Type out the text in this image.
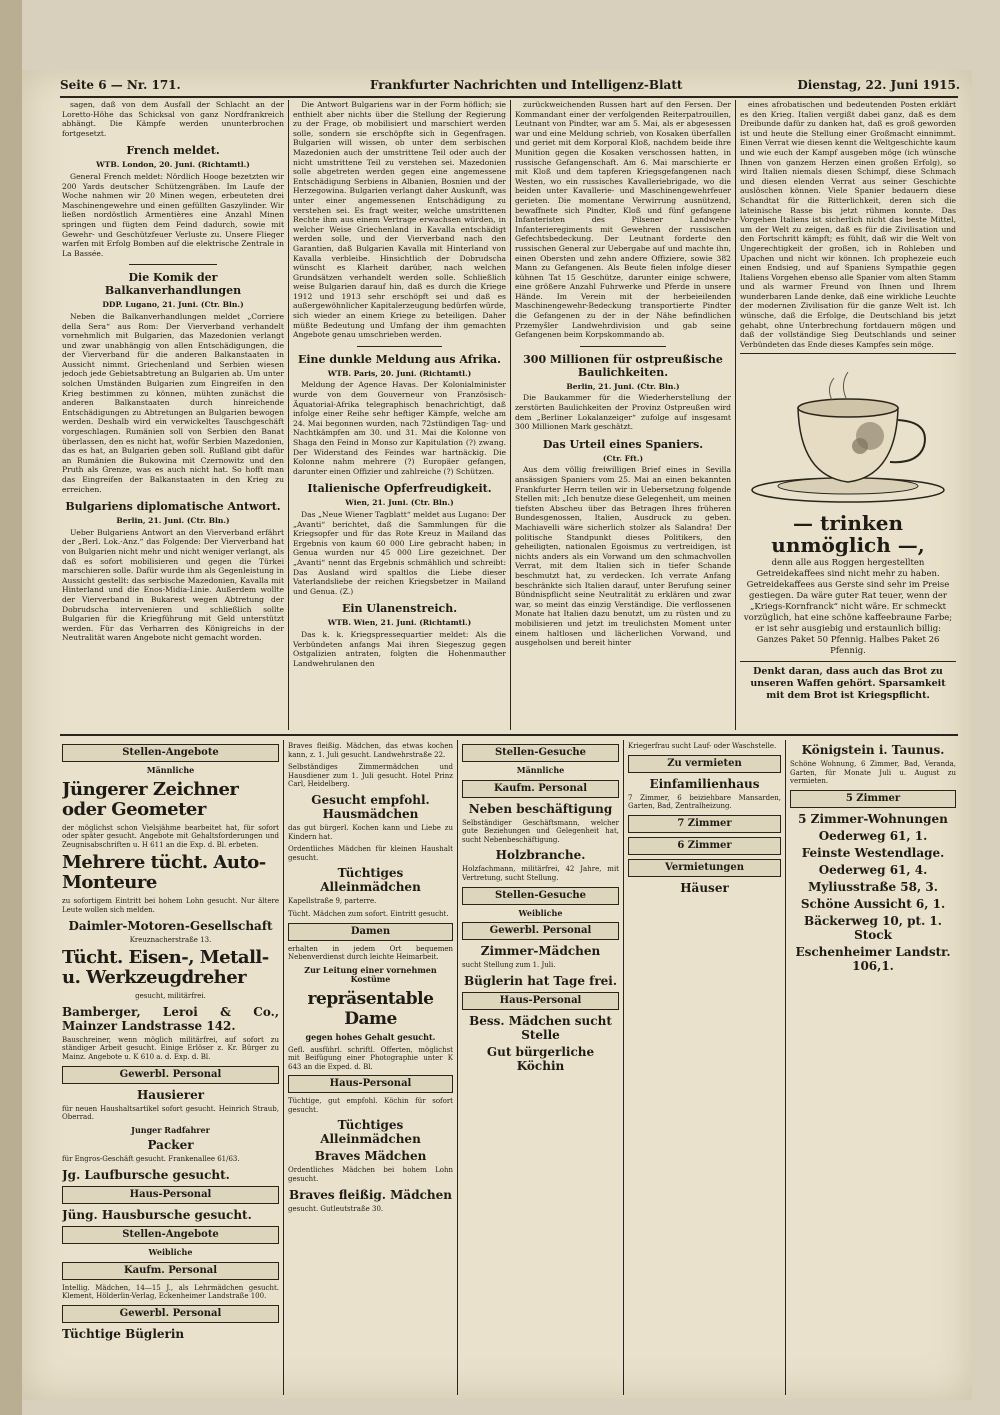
Seite 6 — Nr. 171.	Frankfurter Nachrichten und Intelligenz-Blatt	Dienstag, 22. Juni 1915.

sagen, daß von dem Ausfall der Schlacht an der Loretto-Höhe das Schicksal von ganz Nordfrankreich abhängt. Die Kämpfe werden ununterbrochen fortgesetzt.

French meldet.
WTB. London, 20. Juni. (Richtamtl.)

General French meldet: Nördlich Hooge bezetzten wir 200 Yards deutscher Schützengräben. Im Laufe der Woche nahmen wir 20 Minen wegen, erbeuteten drei Maschinengewehre und einen gefüllten Gaszylinder. Wir ließen nordöstlich Armentières eine Anzahl Minen springen und fügten dem Feind dadurch, sowie mit Gewehr- und Geschützfeuer Verluste zu. Unsere Flieger warfen mit Erfolg Bomben auf die elektrische Zentrale in La Bassée.

Die Komik der Balkanverhandlungen
DDP. Lugano, 21. Juni. (Ctr. Bln.)

Neben die Balkanverhandlungen meldet „Corriere della Sera“ aus Rom: Der Vierverband verhandelt vornehmlich mit Bulgarien, das Mazedonien verlangt und zwar unabhängig von allen Entschädigungen, die der Vierverband für die anderen Balkanstaaten in Aussicht nimmt. Griechenland und Serbien wiesen jedoch jede Gebietsabtretung an Bulgarien ab. Um unter solchen Umständen Bulgarien zum Eingreifen in den Krieg bestimmen zu können, mühten zunächst die anderen Balkanstaaten durch hinreichende Entschädigungen zu Abtretungen an Bulgarien bewogen werden. Deshalb wird ein verwickeltes Tauschgeschäft vorgeschlagen. Rumänien soll von Serbien den Banat überlassen, den es nicht hat, wofür Serbien Mazedonien, das es hat, an Bulgarien geben soll. Rußland gibt dafür an Rumänien die Bukowina mit Czernowitz und den Pruth als Grenze, was es auch nicht hat. So hofft man das Eingreifen der Balkanstaaten in den Krieg zu erreichen.

Bulgariens diplomatische Antwort.
Berlin, 21. Juni. (Ctr. Bln.)

Ueber Bulgariens Antwort an den Vierverband erfährt der „Berl. Lok.-Anz.“ das Folgende: Der Vierverband hat von Bulgarien nicht mehr und nicht weniger verlangt, als daß es sofort mobilisieren und gegen die Türkei marschieren solle. Dafür wurde ihm als Gegenleistung in Aussicht gestellt: das serbische Mazedonien, Kavalla mit Hinterland und die Enos-Midia-Linie. Außerdem wollte der Vierverband in Bukarest wegen Abtretung der Dobrudscha intervenieren und schließlich sollte Bulgarien für die Kriegführung mit Geld unterstützt werden. Für das Verharren des Königreichs in der Neutralität waren Angebote nicht gemacht worden.

Die Antwort Bulgariens war in der Form höflich; sie enthielt aber nichts über die Stellung der Regierung zu der Frage, ob mobilisiert und marschiert werden solle, sondern sie erschöpfte sich in Gegenfragen. Bulgarien will wissen, ob unter dem serbischen Mazedonien auch der umstrittene Teil oder auch der nicht umstrittene Teil zu verstehen sei. Mazedonien solle abgetreten werden gegen eine angemessene Entschädigung Serbiens in Albanien, Bosnien und der Herzegowina. Bulgarien verlangt daher Auskunft, was unter einer angemessenen Entschädigung zu verstehen sei. Es fragt weiter, welche umstrittenen Rechte ihm aus einem Vertrage erwachsen würden, in welcher Weise Griechenland in Kavalla entschädigt werden solle, und der Vierverband nach den Garantien, daß Bulgarien Kavalla mit Hinterland von Kavalla verbleibe. Hinsichtlich der Dobrudscha wünscht es Klarheit darüber, nach welchen Grundsätzen verhandelt werden solle. Schließlich weise Bulgarien darauf hin, daß es durch die Kriege 1912 und 1913 sehr erschöpft sei und daß es außergewöhnlicher Kapitalerzeugung bedürfen würde, sich wieder an einem Kriege zu beteiligen. Daher müßte Bedeutung und Umfang der ihm gemachten Angebote genau umschrieben werden.

Eine dunkle Meldung aus Afrika.
WTB. Paris, 20. Juni. (Richtamtl.)

Meldung der Agence Havas. Der Kolonialminister wurde von dem Gouverneur von Französisch-Äquatorial-Afrika telegraphisch benachrichtigt, daß infolge einer Reihe sehr heftiger Kämpfe, welche am 24. Mai begonnen wurden, nach 72stündigen Tag- und Nachtkämpfen am 30. und 31. Mai die Kolonne von Shaga den Feind in Monso zur Kapitulation (?) zwang. Der Widerstand des Feindes war hartnäckig. Die Kolonne nahm mehrere (?) Europäer gefangen, darunter einen Offizier und zahlreiche (?) Schützen.

Italienische Opferfreudigkeit.
Wien, 21. Juni. (Ctr. Bln.)

Das „Neue Wiener Tagblatt“ meldet aus Lugano: Der „Avanti“ berichtet, daß die Sammlungen für die Kriegsopfer und für das Rote Kreuz in Mailand das Ergebnis von kaum 60 000 Lire gebracht haben; in Genua wurden nur 45 000 Lire gezeichnet. Der „Avanti“ nennt das Ergebnis schmählich und schreibt: Das Ausland wird spaltlos die Liebe dieser Vaterlandsliebe der reichen Kriegsbetzer in Mailand und Genua. (Z.)

Ein Ulanenstreich.
WTB. Wien, 21. Juni. (Richtamtl.)

Das k. k. Kriegspressequartier meldet: Als die Verbündeten anfangs Mai ihren Siegeszug gegen Ostgalizien antraten, folgten die Hohenmauther Landwehrulanen den

zurückweichenden Russen hart auf den Fersen. Der Kommandant einer der verfolgenden Reiterpatrouillen, Leutnant von Pindter, war am 5. Mai, als er abgesessen war und eine Meldung schrieb, von Kosaken überfallen und geriet mit dem Korporal Kloß, nachdem beide ihre Munition gegen die Kosaken verschossen hatten, in russische Gefangenschaft. Am 6. Mai marschierte er mit Kloß und dem tapferen Kriegsgefangenen nach Westen, wo ein russisches Kavalleriebrigade, wo die beiden unter Kavallerie- und Maschinengewehrfeuer gerieten. Die momentane Verwirrung ausnützend, bewaffnete sich Pindter, Kloß und fünf gefangene Infanteristen des Pilsener Landwehr-Infanterieregiments mit Gewehren der russischen Gefechtsbedeckung. Der Leutnant forderte den russischen General zur Uebergabe auf und machte ihn, einen Obersten und zehn andere Offiziere, sowie 382 Mann zu Gefangenen. Als Beute fielen infolge dieser kühnen Tat 15 Geschütze, darunter einige schwere, eine größere Anzahl Fuhrwerke und Pferde in unsere Hände. Im Verein mit der herbeieilenden Maschinengewehr-Bedeckung transportierte Pindter die Gefangenen zu der in der Nähe befindlichen Przemyšler Landwehrdivision und gab seine Gefangenen beim Korpskommando ab.

300 Millionen für ostpreußische Baulichkeiten.
Berlin, 21. Juni. (Ctr. Bln.)

Die Baukammer für die Wiederherstellung der zerstörten Baulichkeiten der Provinz Ostpreußen wird dem „Berliner Lokalanzeiger“ zufolge auf insgesamt 300 Millionen Mark geschätzt.

Das Urteil eines Spaniers.
(Ctr. Fft.)

Aus dem völlig freiwilligen Brief eines in Sevilla ansässigen Spaniers vom 25. Mai an einen bekannten Frankfurter Herrn teilen wir in Uebersetzung folgende Stellen mit: „Ich benutze diese Gelegenheit, um meinen tiefsten Abscheu über das Betragen Ihres früheren Bundesgenossen, Italien, Ausdruck zu geben. Machiavelli wäre sicherlich stolzer als Salandra! Der politische Standpunkt dieses Politikers, den geheiligten, nationalen Egoismus zu vertreidigen, ist nichts anders als ein Vorwand um den schmachvollen Verrat, mit dem Italien sich in tiefer Schande beschmutzt hat, zu verdecken. Ich verrate Anfang beschränkte sich Italien darauf, unter Berufung seiner Bündnispflicht seine Neutralität zu erklären und zwar war, so meint das einzig Verständige. Die verflossenen Monate hat Italien dazu benutzt, um zu rüsten und zu mobilisieren und jetzt im treulichsten Moment unter einem haltlosen und lächerlichen Vorwand, und ausgeholsen und bereit hinter

eines afrobatischen und bedeutenden Posten erklärt es den Krieg. Italien vergißt dabei ganz, daß es dem Dreibunde dafür zu danken hat, daß es groß geworden ist und heute die Stellung einer Großmacht einnimmt. Einen Verrat wie diesen kennt die Weltgeschichte kaum und wie euch der Kampf ausgeben möge (ich wünsche Ihnen von ganzem Herzen einen großen Erfolg), so wird Italien niemals diesen Schimpf, diese Schmach und diesen elenden Verrat aus seiner Geschichte auslöschen können. Viele Spanier bedauern diese Schandtat für die Ritterlichkeit, deren sich die lateinische Rasse bis jetzt rühmen konnte. Das Vorgehen Italiens ist sicherlich nicht das beste Mittel, um der Welt zu zeigen, daß es für die Zivilisation und den Fortschritt kämpft; es fühlt, daß wir die Welt von Ungerechtigkeit der großen, ich in Rohleben und Upachen und nicht wir können. Ich prophezeie euch einen Endsieg, und auf Spaniens Sympathie gegen Italiens Vorgehen ebenso alle Spanier vom alten Stamm und als warmer Freund von Ihnen und Ihrem wunderbaren Lande denke, daß eine wirkliche Leuchte der modernen Zivilisation für die ganze Welt ist. Ich wünsche, daß die Erfolge, die Deutschland bis jetzt gehabt, ohne Unterbrechung fortdauern mögen und daß der vollständige Sieg Deutschlands und seiner Verbündeten das Ende dieses Kampfes sein möge.

— trinken unmöglich —,

denn alle aus Roggen hergestellten Getreidekaffees sind nicht mehr zu haben. Getreidekaffees aus Gerste sind sehr im Preise gestiegen. Da wäre guter Rat teuer, wenn der „Kriegs-Kornfranck“ nicht wäre. Er schmeckt vorzüglich, hat eine schöne kaffeebraune Farbe; er ist sehr ausgiebig und erstaunlich billig: Ganzes Paket 50 Pfennig. Halbes Paket 26 Pfennig.

Denkt daran, dass auch das Brot zu unseren Waffen gehört. Sparsamkeit mit dem Brot ist Kriegspflicht.

Stellen-Angebote
Männliche
Jüngerer Zeichner oder Geometer
der möglichst schon Vielsjähme bearbeitet hat, für sofort oder später gesucht. Angebote mit Gehaltsforderungen und Zeugnisabschriften u. H 611 an die Exp. d. Bl. erbeten.
Mehrere tücht. Auto-Monteure
zu sofortigem Eintritt bei hohem Lohn gesucht. Nur ältere Leute wollen sich melden.
Daimler-Motoren-Gesellschaft
Kreuznacherstraße 13.
Tücht. Eisen-, Metall- u. Werkzeugdreher
gesucht, militärfrei.
Bamberger, Leroi & Co., Mainzer Landstrasse 142.
Bauschreiner, wenn möglich militärfrei, auf sofort zu ständiger Arbeit gesucht. Einige Erlöser z. Kr. Bürger zu Mainz. Angebote u. K 610 a. d. Exp. d. Bl.
Gewerbl. Personal
Hausierer
für neuen Haushaltsartikel sofort gesucht. Heinrich Straub, Oberrad.
Junger Radfahrer
Packer
für Engros-Geschäft gesucht. Frankenallee 61/63.
Jg. Laufbursche gesucht.
Haus-Personal
Jüng. Hausbursche gesucht.
Stellen-Angebote
Weibliche
Kaufm. Personal
Intellig. Mädchen, 14—15 J., als Lehrmädchen gesucht. Klement, Hölderlin-Verlag, Eckenheimer Landstraße 100.
Gewerbl. Personal
Tüchtige Büglerin
Braves fleißig. Mädchen, das etwas kochen kann, z. 1. Juli gesucht. Landwehrstraße 22.
Selbständiges Zimmermädchen und Hausdiener zum 1. Juli gesucht. Hotel Prinz Carl, Heidelberg.
Gesucht empfohl. Hausmädchen
das gut bürgerl. Kochen kann und Liebe zu Kindern hat.
Ordentliches Mädchen für kleinen Haushalt gesucht.
Tüchtiges Alleinmädchen
Kapellstraße 9, parterre.
Tücht. Mädchen zum sofort. Eintritt gesucht.
Damen
erhalten in jedem Ort bequemen Nebenverdienst durch leichte Heimarbeit.
Zur Leitung einer vornehmen Kostüme
repräsentable Dame
gegen hohes Gehalt gesucht.
Gefl. ausführl. schriftl. Offerten, möglichst mit Beifügung einer Photographie unter K 643 an die Exped. d. Bl.
Haus-Personal
Tüchtige, gut empfohl. Köchin für sofort gesucht.
Tüchtiges Alleinmädchen
Braves Mädchen
Ordentliches Mädchen bei hohem Lohn gesucht.
Braves fleißig. Mädchen
gesucht. Gutleutstraße 30.
Stellen-Gesuche
Männliche
Kaufm. Personal
Neben beschäftigung
Selbständiger Geschäftsmann, welcher gute Beziehungen und Gelegenheit hat, sucht Nebenbeschäftigung.
Holzbranche.
Holzfachmann, militärfrei, 42 Jahre, mit Vertretung, sucht Stellung.
Stellen-Gesuche
Weibliche
Gewerbl. Personal
Zimmer-Mädchen
sucht Stellung zum 1. Juli.
Büglerin hat Tage frei.
Haus-Personal
Bess. Mädchen sucht Stelle
Gut bürgerliche Köchin
Kriegerfrau sucht Lauf- oder Waschstelle.
Zu vermieten
Einfamilienhaus
7 Zimmer, 6 beiziehbare Mansarden, Garten, Bad, Zentralheizung.
7 Zimmer
6 Zimmer
Vermietungen
Häuser
Königstein i. Taunus.
Schöne Wohnung, 6 Zimmer, Bad, Veranda, Garten, für Monate Juli u. August zu vermieten.
5 Zimmer
5 Zimmer-Wohnungen
Oederweg 61, 1.
Feinste Westendlage.
Oederweg 61, 4.
Myliusstraße 58, 3.
Schöne Aussicht 6, 1.
Bäckerweg 10, pt. 1. Stock
Eschenheimer Landstr. 106,1.
